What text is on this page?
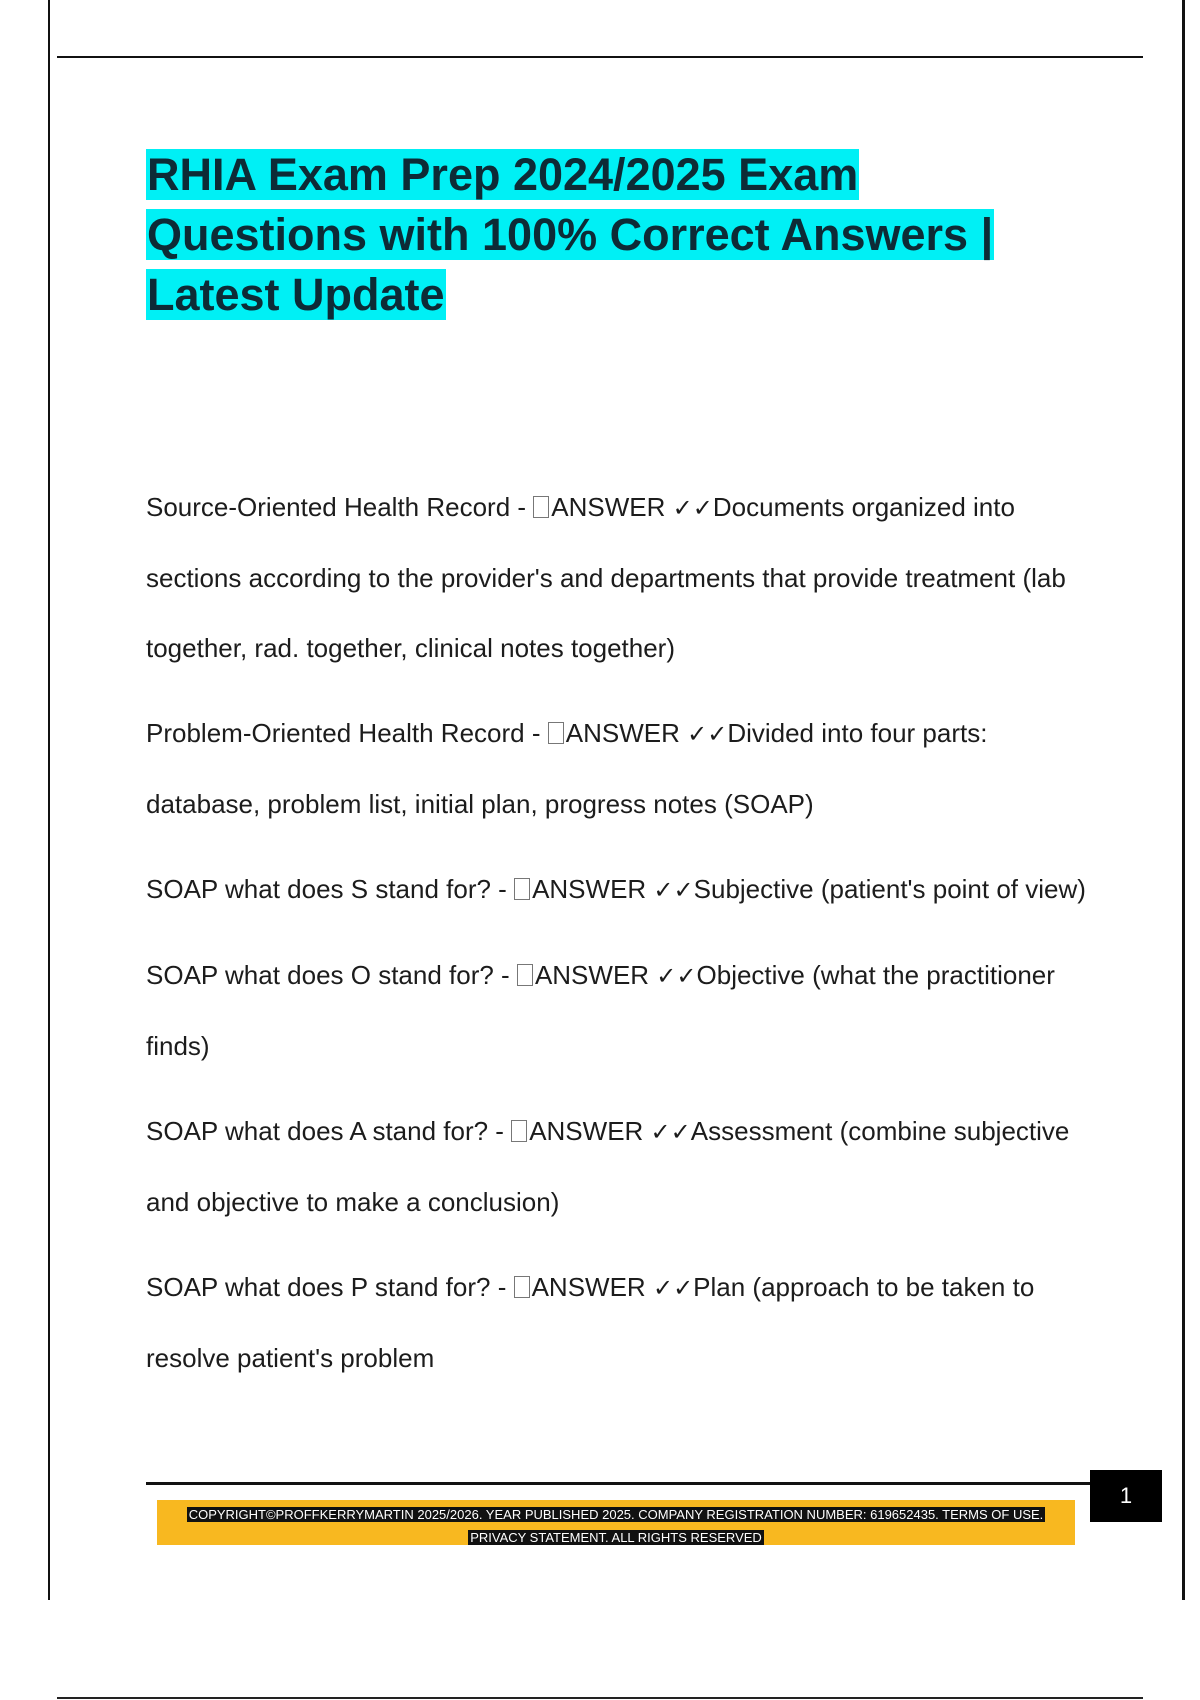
RHIA Exam Prep 2024/2025 Exam
Questions with 100% Correct Answers |
Latest Update

Source-Oriented Health Record - ANSWER ✓✓Documents organized into sections according to the provider's and departments that provide treatment (lab together, rad. together, clinical notes together)

Problem-Oriented Health Record - ANSWER ✓✓Divided into four parts: database, problem list, initial plan, progress notes (SOAP)

SOAP what does S stand for? - ANSWER ✓✓Subjective (patient's point of view)

SOAP what does O stand for? - ANSWER ✓✓Objective (what the practitioner finds)

SOAP what does A stand for? - ANSWER ✓✓Assessment (combine subjective and objective to make a conclusion)

SOAP what does P stand for? - ANSWER ✓✓Plan (approach to be taken to resolve patient's problem

1
COPYRIGHT©PROFFKERRYMARTIN 2025/2026. YEAR PUBLISHED 2025. COMPANY REGISTRATION NUMBER: 619652435. TERMS OF USE.
PRIVACY STATEMENT. ALL RIGHTS RESERVED
